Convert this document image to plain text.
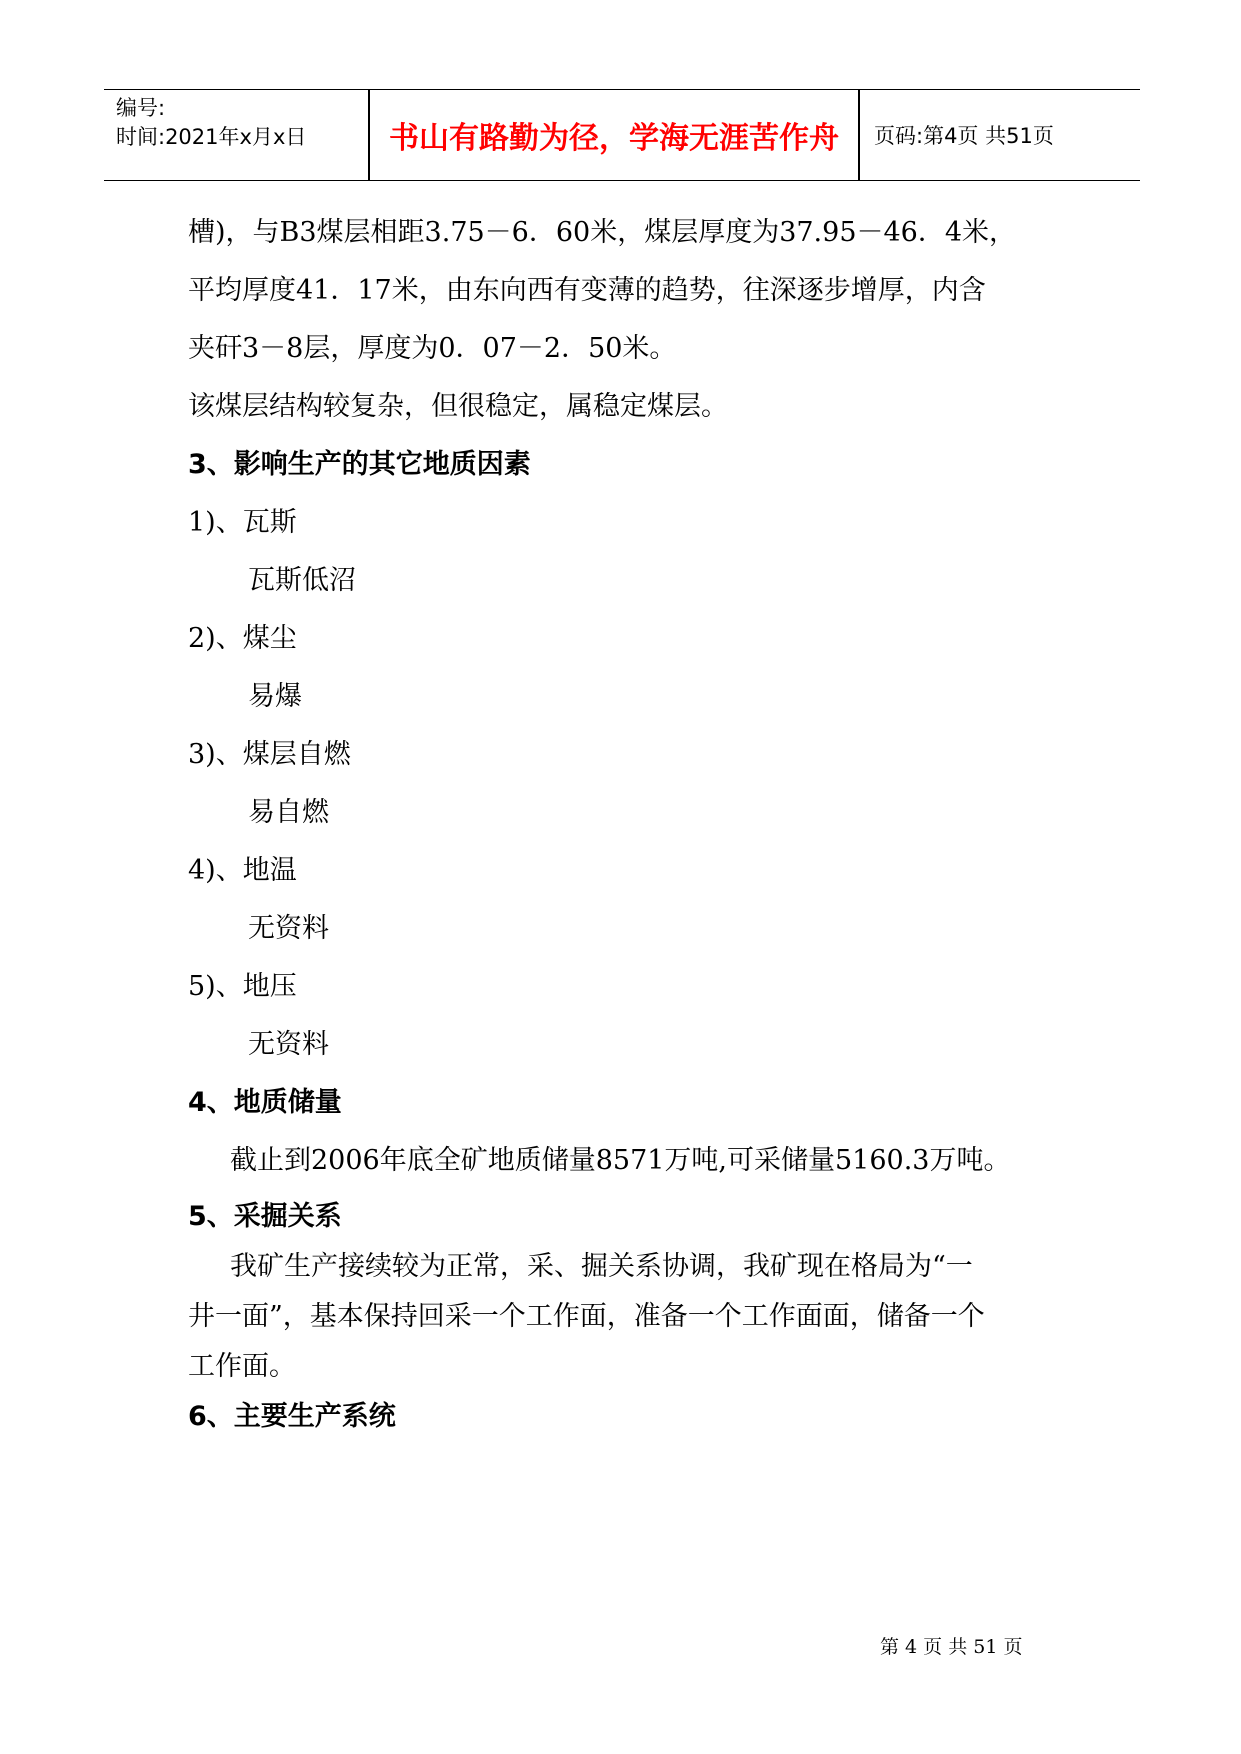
编号:
时间:2021年x月x日	书山有路勤为径，学海无涯苦作舟	页码:第4页 共51页
槽)，与B3煤层相距3.75－6．60米，煤层厚度为37.95－46．4米，
平均厚度41．17米，由东向西有变薄的趋势，往深逐步增厚，内含
夹矸3－8层，厚度为0．07－2．50米。
该煤层结构较复杂，但很稳定，属稳定煤层。
3、影响生产的其它地质因素
1)、瓦斯
瓦斯低沼
2)、煤尘
易爆
3)、煤层自燃
易自燃
4)、地温
无资料
5)、地压
无资料
4、地质储量
截止到2006年底全矿地质储量8571万吨,可采储量5160.3万吨。
5、采掘关系
我矿生产接续较为正常，采、掘关系协调，我矿现在格局为“一
井一面”，基本保持回采一个工作面，准备一个工作面面，储备一个
工作面。
6、主要生产系统
第 4 页 共 51 页
